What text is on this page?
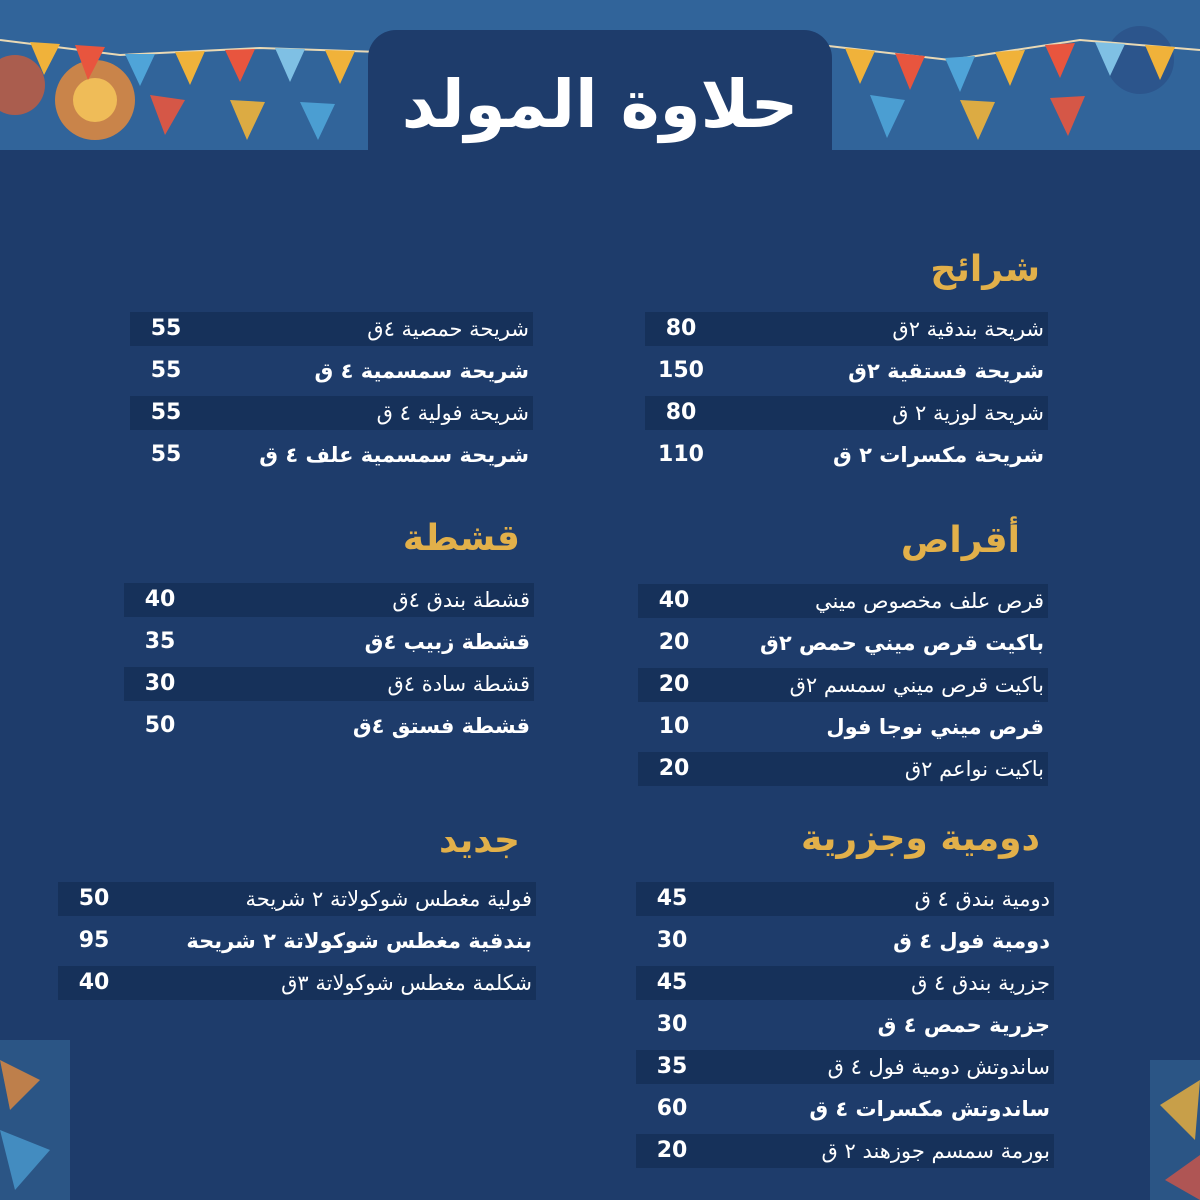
حلاوة المولد
شرائح
شريحة بندقية ٢ق
80
شريحة فستقية ٢ق
150
شريحة لوزية ٢ ق
80
شريحة مكسرات ٢ ق
110
شريحة حمصية ٤ق
55
شريحة سمسمية ٤ ق
55
شريحة فولية ٤ ق
55
شريحة سمسمية علف ٤ ق
55
أقراص
قرص علف مخصوص ميني
40
باكيت قرص ميني حمص ٢ق
20
باكيت قرص ميني سمسم ٢ق
20
قرص ميني نوجا فول
10
باكيت نواعم ٢ق
20
قشطة
قشطة بندق ٤ق
40
قشطة زبيب ٤ق
35
قشطة سادة ٤ق
30
قشطة فستق ٤ق
50
دومية وجزرية
دومية بندق ٤ ق
45
دومية فول ٤ ق
30
جزرية بندق ٤ ق
45
جزرية حمص ٤ ق
30
ساندوتش دومية فول ٤ ق
35
ساندوتش مكسرات ٤ ق
60
بورمة سمسم جوزهند ٢ ق
20
جديد
فولية مغطس شوكولاتة ٢ شريحة
50
بندقية مغطس شوكولاتة ٢ شريحة
95
شكلمة مغطس شوكولاتة ٣ق
40
